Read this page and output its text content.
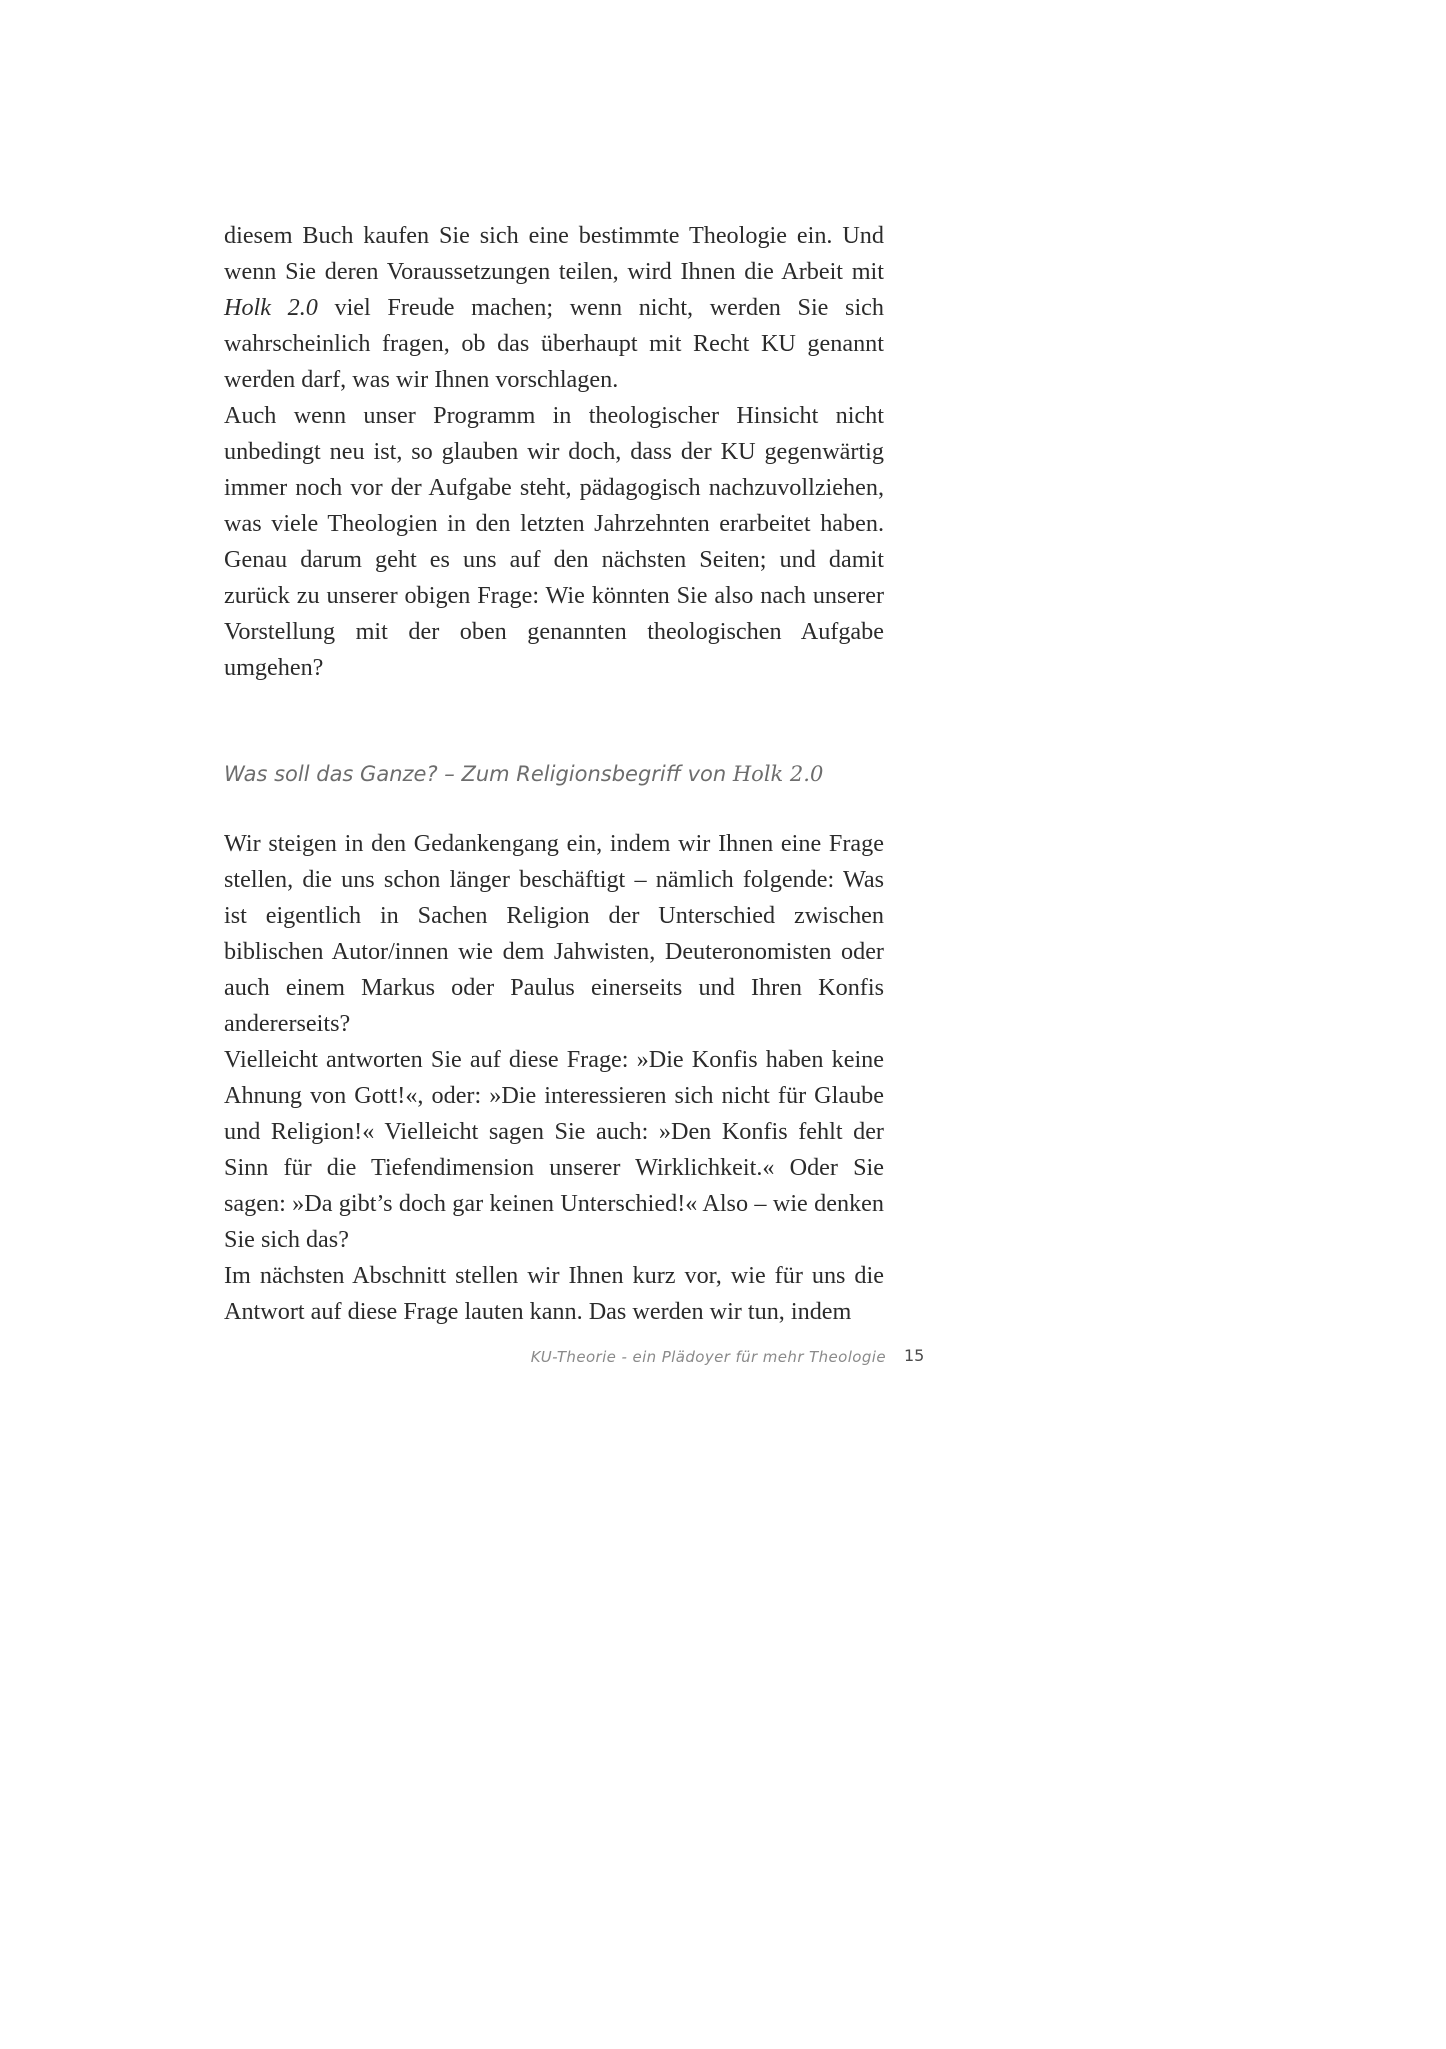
diesem Buch kaufen Sie sich eine bestimmte Theologie ein. Und wenn Sie deren Voraussetzungen teilen, wird Ihnen die Arbeit mit Holk 2.0 viel Freude machen; wenn nicht, werden Sie sich wahrscheinlich fragen, ob das überhaupt mit Recht KU genannt werden darf, was wir Ihnen vorschlagen.

Auch wenn unser Programm in theologischer Hinsicht nicht unbedingt neu ist, so glauben wir doch, dass der KU gegenwärtig immer noch vor der Aufgabe steht, pädagogisch nachzuvollziehen, was viele Theologien in den letzten Jahrzehnten erarbeitet haben. Genau darum geht es uns auf den nächsten Seiten; und damit zurück zu unserer obigen Frage: Wie könnten Sie also nach unserer Vorstellung mit der oben genannten theologischen Aufgabe umgehen?

Was soll das Ganze? – Zum Religionsbegriff von Holk 2.0

Wir steigen in den Gedankengang ein, indem wir Ihnen eine Frage stellen, die uns schon länger beschäftigt – nämlich folgende: Was ist eigentlich in Sachen Religion der Unterschied zwischen biblischen Autor/innen wie dem Jahwisten, Deuteronomisten oder auch einem Markus oder Paulus einerseits und Ihren Konfis andererseits?

Vielleicht antworten Sie auf diese Frage: »Die Konfis haben keine Ahnung von Gott!«, oder: »Die interessieren sich nicht für Glaube und Religion!« Vielleicht sagen Sie auch: »Den Konfis fehlt der Sinn für die Tiefendimension unserer Wirklichkeit.« Oder Sie sagen: »Da gibt’s doch gar keinen Unterschied!« Also – wie denken Sie sich das?

Im nächsten Abschnitt stellen wir Ihnen kurz vor, wie für uns die Antwort auf diese Frage lauten kann. Das werden wir tun, indem

KU-Theorie - ein Plädoyer für mehr Theologie 15
